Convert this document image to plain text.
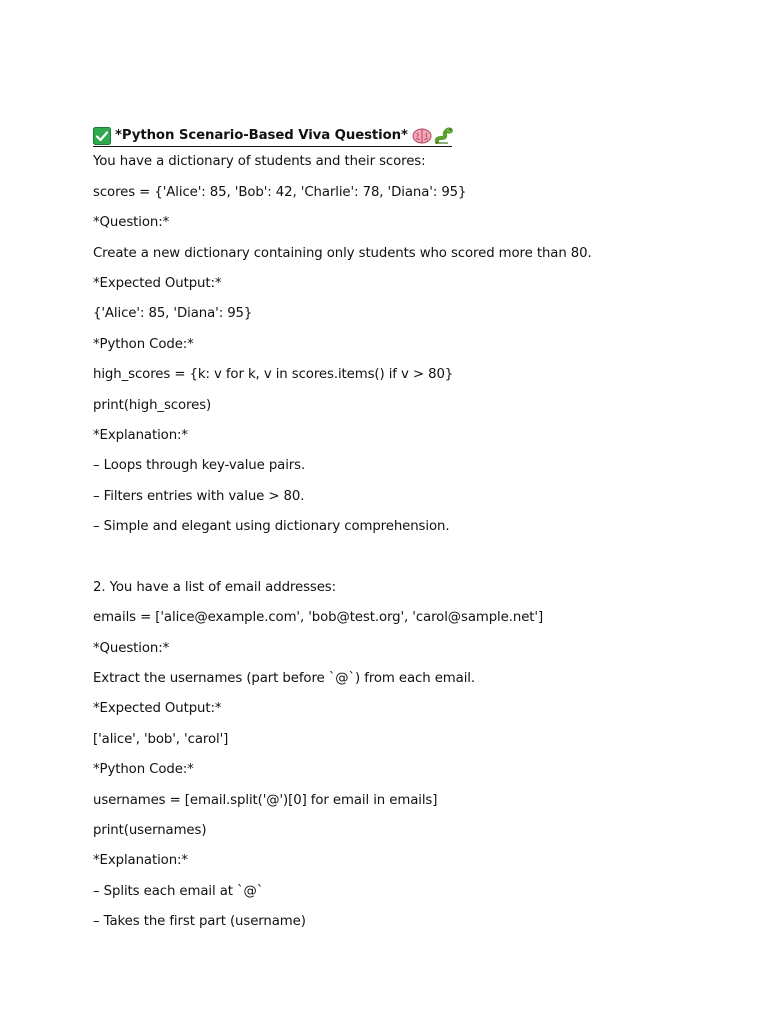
*Python Scenario-Based Viva Question*
You have a dictionary of students and their scores:
scores = {'Alice': 85, 'Bob': 42, 'Charlie': 78, 'Diana': 95}
*Question:*
Create a new dictionary containing only students who scored more than 80.
*Expected Output:*
{'Alice': 85, 'Diana': 95}
*Python Code:*
high_scores = {k: v for k, v in scores.items() if v > 80}
print(high_scores)
*Explanation:*
– Loops through key-value pairs.
– Filters entries with value > 80.
– Simple and elegant using dictionary comprehension.
2. You have a list of email addresses:
emails = ['alice@example.com', 'bob@test.org', 'carol@sample.net']
*Question:*
Extract the usernames (part before `@`) from each email.
*Expected Output:*
['alice', 'bob', 'carol']
*Python Code:*
usernames = [email.split('@')[0] for email in emails]
print(usernames)
*Explanation:*
– Splits each email at `@`
– Takes the first part (username)
